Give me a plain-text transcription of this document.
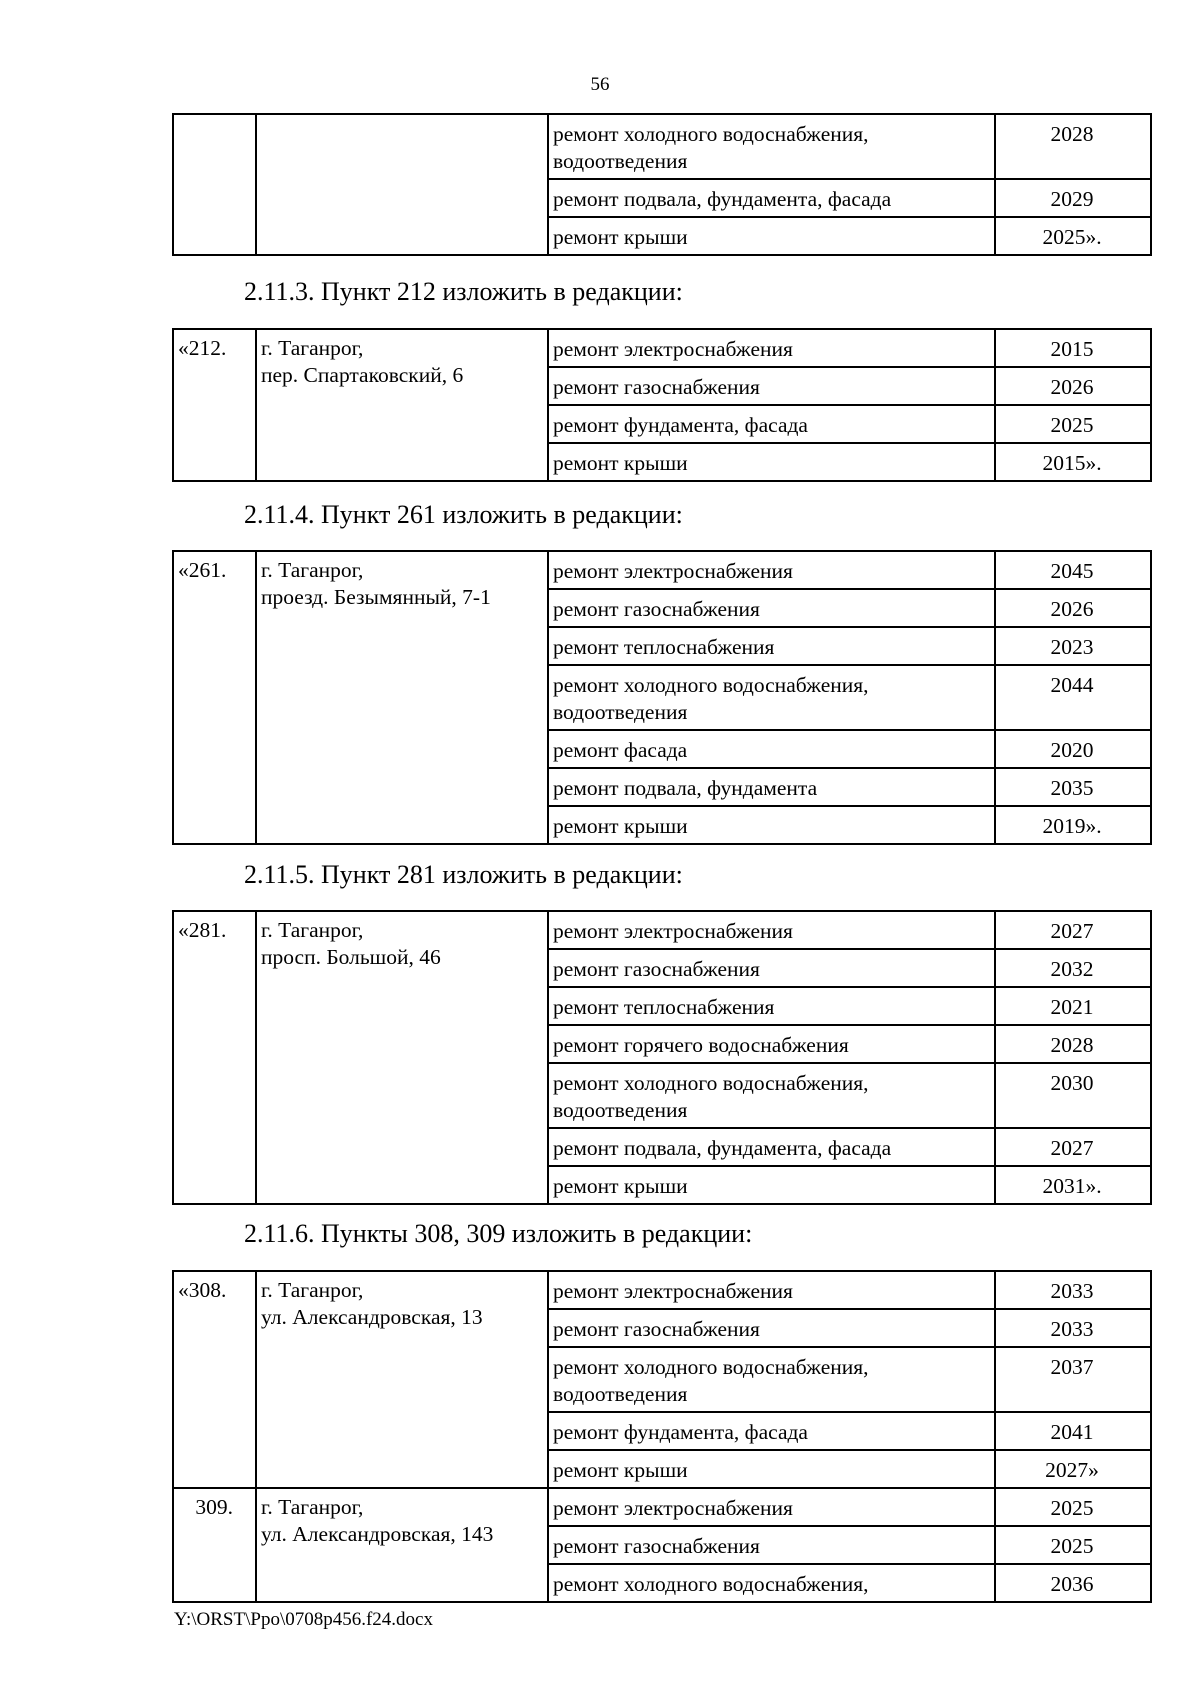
56
		ремонт холодного водоснабжения, водоотведения	2028
		ремонт подвала, фундамента, фасада	2029
		ремонт крыши	2025».
2.11.3. Пункт 212 изложить в редакции:
«212.	г. Таганрог,
пер. Спартаковский, 6	ремонт электроснабжения	2015
		ремонт газоснабжения	2026
		ремонт фундамента, фасада	2025
		ремонт крыши	2015».
2.11.4. Пункт 261 изложить в редакции:
«261.	г. Таганрог,
проезд. Безымянный, 7-1	ремонт электроснабжения	2045
		ремонт газоснабжения	2026
		ремонт теплоснабжения	2023
		ремонт холодного водоснабжения, водоотведения	2044
		ремонт фасада	2020
		ремонт подвала, фундамента	2035
		ремонт крыши	2019».
2.11.5. Пункт 281 изложить в редакции:
«281.	г. Таганрог,
просп. Большой, 46	ремонт электроснабжения	2027
		ремонт газоснабжения	2032
		ремонт теплоснабжения	2021
		ремонт горячего водоснабжения	2028
		ремонт холодного водоснабжения, водоотведения	2030
		ремонт подвала, фундамента, фасада	2027
		ремонт крыши	2031».
2.11.6. Пункты 308, 309 изложить в редакции:
«308.	г. Таганрог,
ул. Александровская, 13	ремонт электроснабжения	2033
		ремонт газоснабжения	2033
		ремонт холодного водоснабжения, водоотведения	2037
		ремонт фундамента, фасада	2041
		ремонт крыши	2027»
309.	г. Таганрог,
ул. Александровская, 143	ремонт электроснабжения	2025
		ремонт газоснабжения	2025
		ремонт холодного водоснабжения,	2036
Y:\ORST\Ppo\0708p456.f24.docx
